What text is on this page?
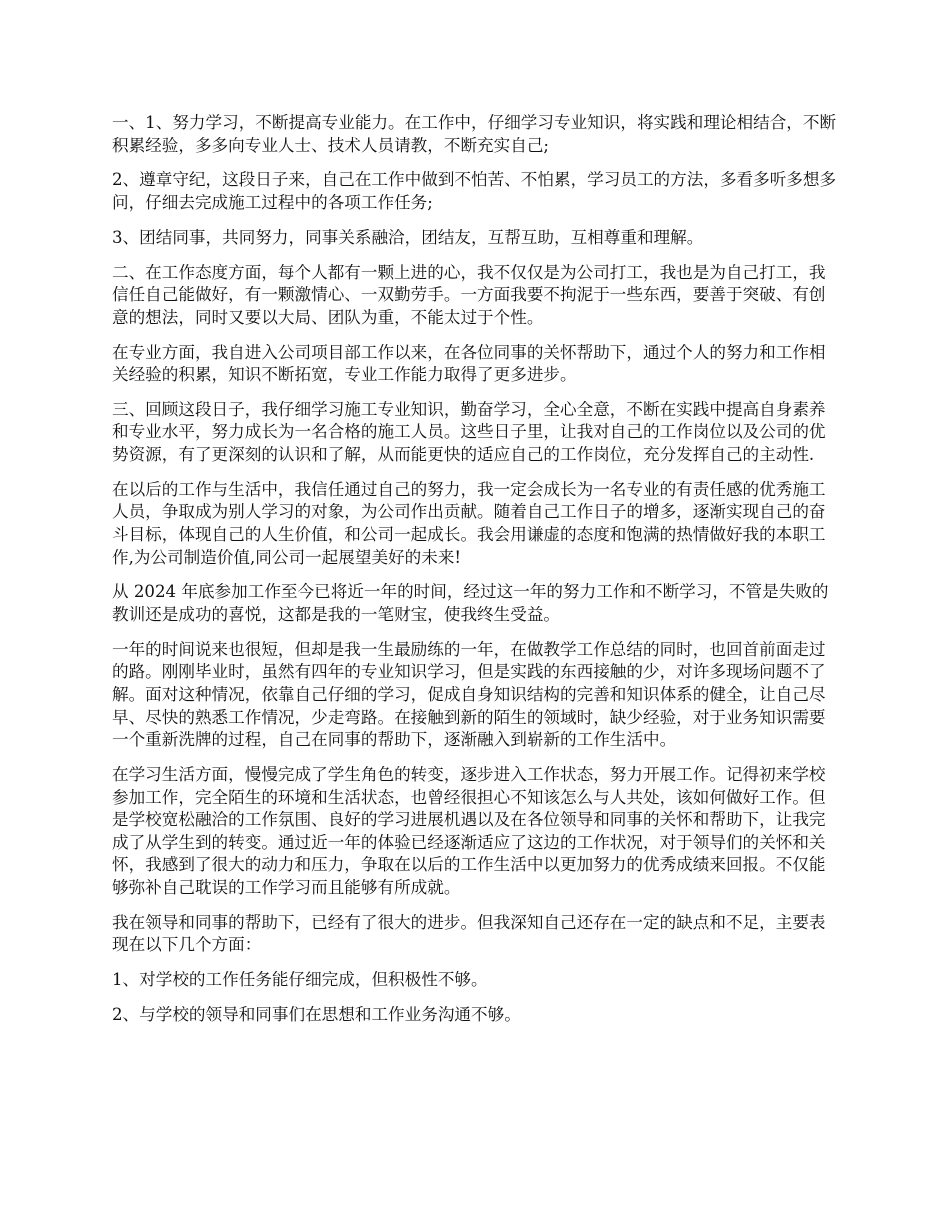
一、1、努力学习，不断提高专业能力。在工作中，仔细学习专业知识，将实践和理论相结合，不断积累经验，多多向专业人士、技术人员请教，不断充实自己;

2、遵章守纪，这段日子来，自己在工作中做到不怕苦、不怕累，学习员工的方法，多看多听多想多问，仔细去完成施工过程中的各项工作任务;

3、团结同事，共同努力，同事关系融洽，团结友，互帮互助，互相尊重和理解。

二、在工作态度方面，每个人都有一颗上进的心，我不仅仅是为公司打工，我也是为自己打工，我信任自己能做好，有一颗激情心、一双勤劳手。一方面我要不拘泥于一些东西，要善于突破、有创意的想法，同时又要以大局、团队为重，不能太过于个性。

在专业方面，我自进入公司项目部工作以来，在各位同事的关怀帮助下，通过个人的努力和工作相关经验的积累，知识不断拓宽，专业工作能力取得了更多进步。

三、回顾这段日子，我仔细学习施工专业知识，勤奋学习，全心全意，不断在实践中提高自身素养和专业水平，努力成长为一名合格的施工人员。这些日子里，让我对自己的工作岗位以及公司的优势资源，有了更深刻的认识和了解，从而能更快的适应自己的工作岗位，充分发挥自己的主动性.

在以后的工作与生活中，我信任通过自己的努力，我一定会成长为一名专业的有责任感的优秀施工人员，争取成为别人学习的对象，为公司作出贡献。随着自己工作日子的增多，逐渐实现自己的奋斗目标，体现自己的人生价值，和公司一起成长。我会用谦虚的态度和饱满的热情做好我的本职工作,为公司制造价值,同公司一起展望美好的未来!

从 2024 年底参加工作至今已将近一年的时间，经过这一年的努力工作和不断学习，不管是失败的教训还是成功的喜悦，这都是我的一笔财宝，使我终生受益。

一年的时间说来也很短，但却是我一生最励练的一年，在做教学工作总结的同时，也回首前面走过的路。刚刚毕业时，虽然有四年的专业知识学习，但是实践的东西接触的少，对许多现场问题不了解。面对这种情况，依靠自己仔细的学习，促成自身知识结构的完善和知识体系的健全，让自己尽早、尽快的熟悉工作情况，少走弯路。在接触到新的陌生的领域时，缺少经验，对于业务知识需要一个重新洗牌的过程，自己在同事的帮助下，逐渐融入到崭新的工作生活中。

在学习生活方面，慢慢完成了学生角色的转变，逐步进入工作状态，努力开展工作。记得初来学校参加工作，完全陌生的环境和生活状态，也曾经很担心不知该怎么与人共处，该如何做好工作。但是学校宽松融洽的工作氛围、良好的学习进展机遇以及在各位领导和同事的关怀和帮助下，让我完成了从学生到的转变。通过近一年的体验已经逐渐适应了这边的工作状况，对于领导们的关怀和关怀，我感到了很大的动力和压力，争取在以后的工作生活中以更加努力的优秀成绩来回报。不仅能够弥补自己耽误的工作学习而且能够有所成就。

我在领导和同事的帮助下，已经有了很大的进步。但我深知自己还存在一定的缺点和不足，主要表现在以下几个方面：

1、对学校的工作任务能仔细完成，但积极性不够。

2、与学校的领导和同事们在思想和工作业务沟通不够。
